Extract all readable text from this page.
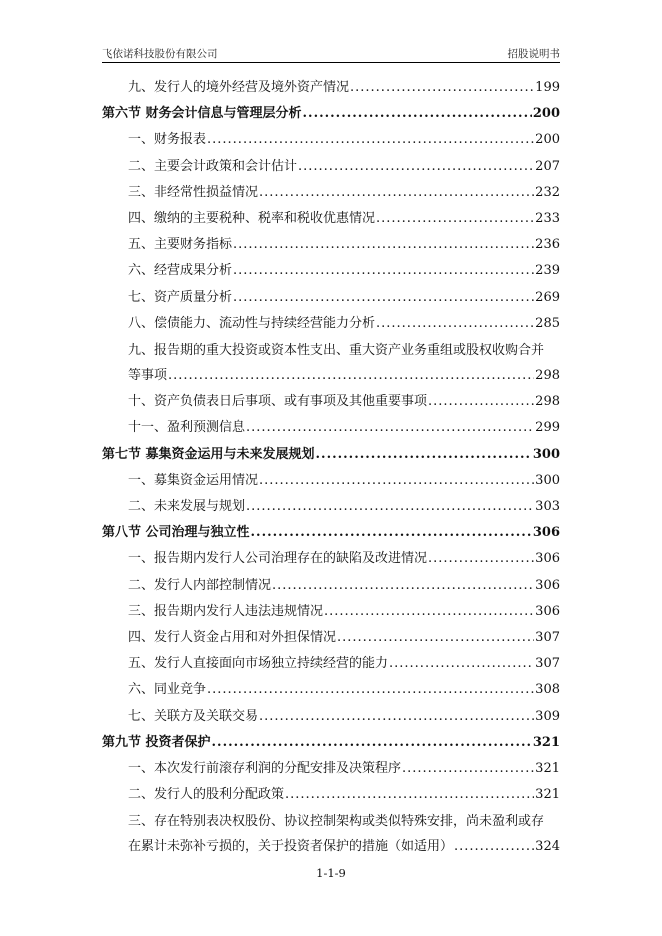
飞依诺科技股份有限公司	招股说明书
九、发行人的境外经营及境外资产情况 .....	199
第六节 财务会计信息与管理层分析 .....	200
一、财务报表 .....	200
二、主要会计政策和会计估计 .....	207
三、非经常性损益情况 .....	232
四、缴纳的主要税种、税率和税收优惠情况 .....	233
五、主要财务指标 .....	236
六、经营成果分析 .....	239
七、资产质量分析 .....	269
八、偿债能力、流动性与持续经营能力分析 .....	285
九、报告期的重大投资或资本性支出、重大资产业务重组或股权收购合并
等事项 .....	298
十、资产负债表日后事项、或有事项及其他重要事项 .....	298
十一、盈利预测信息 .....	299
第七节 募集资金运用与未来发展规划 .....	300
一、募集资金运用情况 .....	300
二、未来发展与规划 .....	303
第八节 公司治理与独立性 .....	306
一、报告期内发行人公司治理存在的缺陷及改进情况 .....	306
二、发行人内部控制情况 .....	306
三、报告期内发行人违法违规情况 .....	306
四、发行人资金占用和对外担保情况 .....	307
五、发行人直接面向市场独立持续经营的能力 .....	307
六、同业竞争 .....	308
七、关联方及关联交易 .....	309
第九节 投资者保护 .....	321
一、本次发行前滚存利润的分配安排及决策程序 .....	321
二、发行人的股利分配政策 .....	321
三、存在特别表决权股份、协议控制架构或类似特殊安排，尚未盈利或存
在累计未弥补亏损的，关于投资者保护的措施（如适用） .....	324
1-1-9
